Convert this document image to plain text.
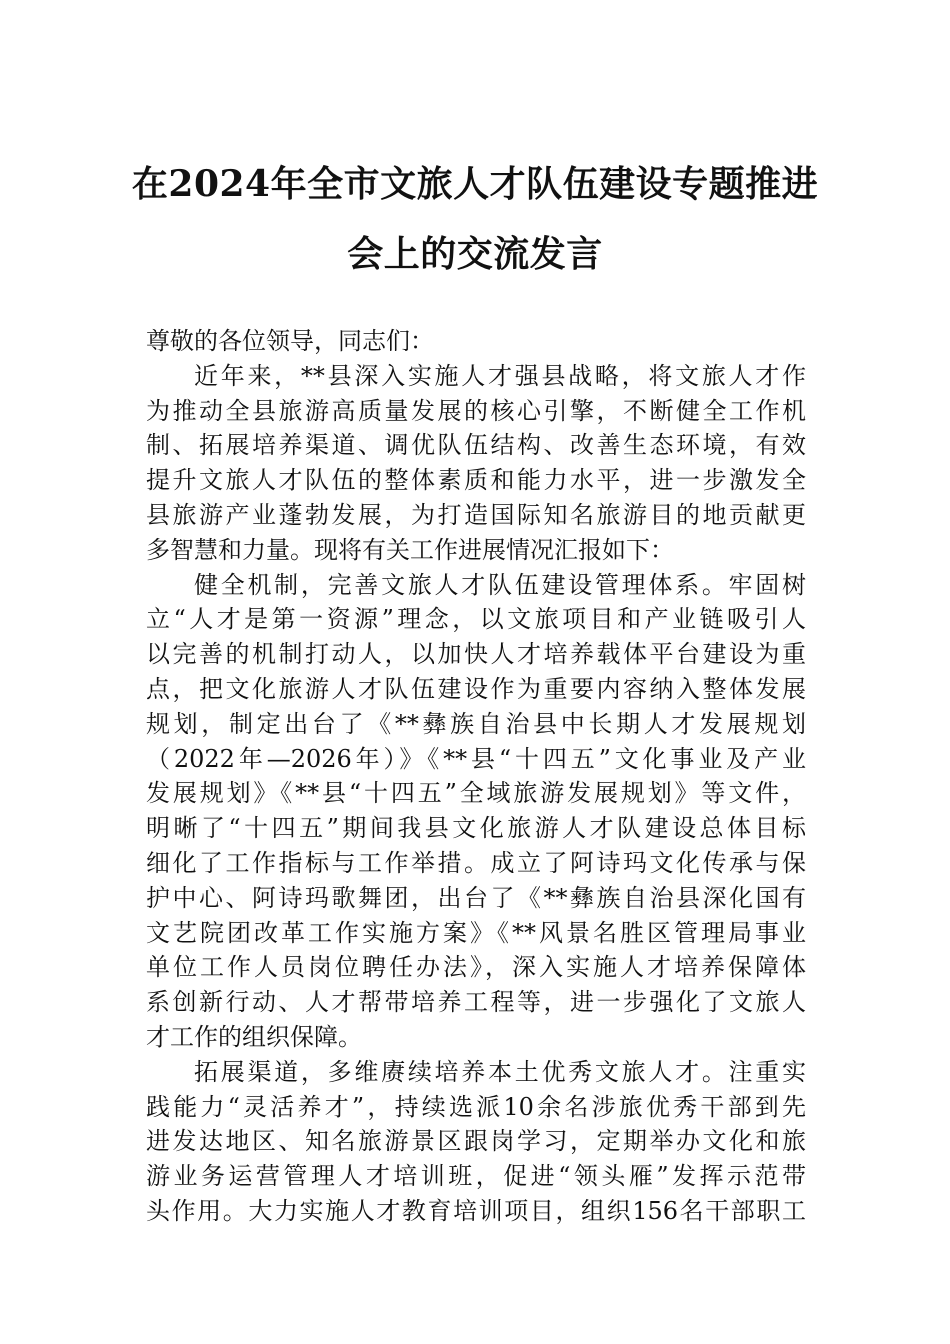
在2024年全市文旅人才队伍建设专题推进
会上的交流发言
尊敬的各位领导，同志们：
近年来，**县深入实施人才强县战略，将文旅人才作
为推动全县旅游高质量发展的核心引擎，不断健全工作机
制、拓展培养渠道、调优队伍结构、改善生态环境，有效
提升文旅人才队伍的整体素质和能力水平，进一步激发全
县旅游产业蓬勃发展，为打造国际知名旅游目的地贡献更
多智慧和力量。现将有关工作进展情况汇报如下：
健全机制，完善文旅人才队伍建设管理体系。牢固树
立“人才是第一资源”理念，以文旅项目和产业链吸引人
以完善的机制打动人，以加快人才培养载体平台建设为重
点，把文化旅游人才队伍建设作为重要内容纳入整体发展
规划，制定出台了《**彝族自治县中长期人才发展规划
（2022年—2026年）》《**县“十四五”文化事业及产业
发展规划》《**县“十四五”全域旅游发展规划》等文件，
明晰了“十四五”期间我县文化旅游人才队建设总体目标
细化了工作指标与工作举措。成立了阿诗玛文化传承与保
护中心、阿诗玛歌舞团，出台了《**彝族自治县深化国有
文艺院团改革工作实施方案》《**风景名胜区管理局事业
单位工作人员岗位聘任办法》，深入实施人才培养保障体
系创新行动、人才帮带培养工程等，进一步强化了文旅人
才工作的组织保障。
拓展渠道，多维赓续培养本土优秀文旅人才。注重实
践能力“灵活养才”，持续选派10余名涉旅优秀干部到先
进发达地区、知名旅游景区跟岗学习，定期举办文化和旅
游业务运营管理人才培训班，促进“领头雁”发挥示范带
头作用。大力实施人才教育培训项目，组织156名干部职工
